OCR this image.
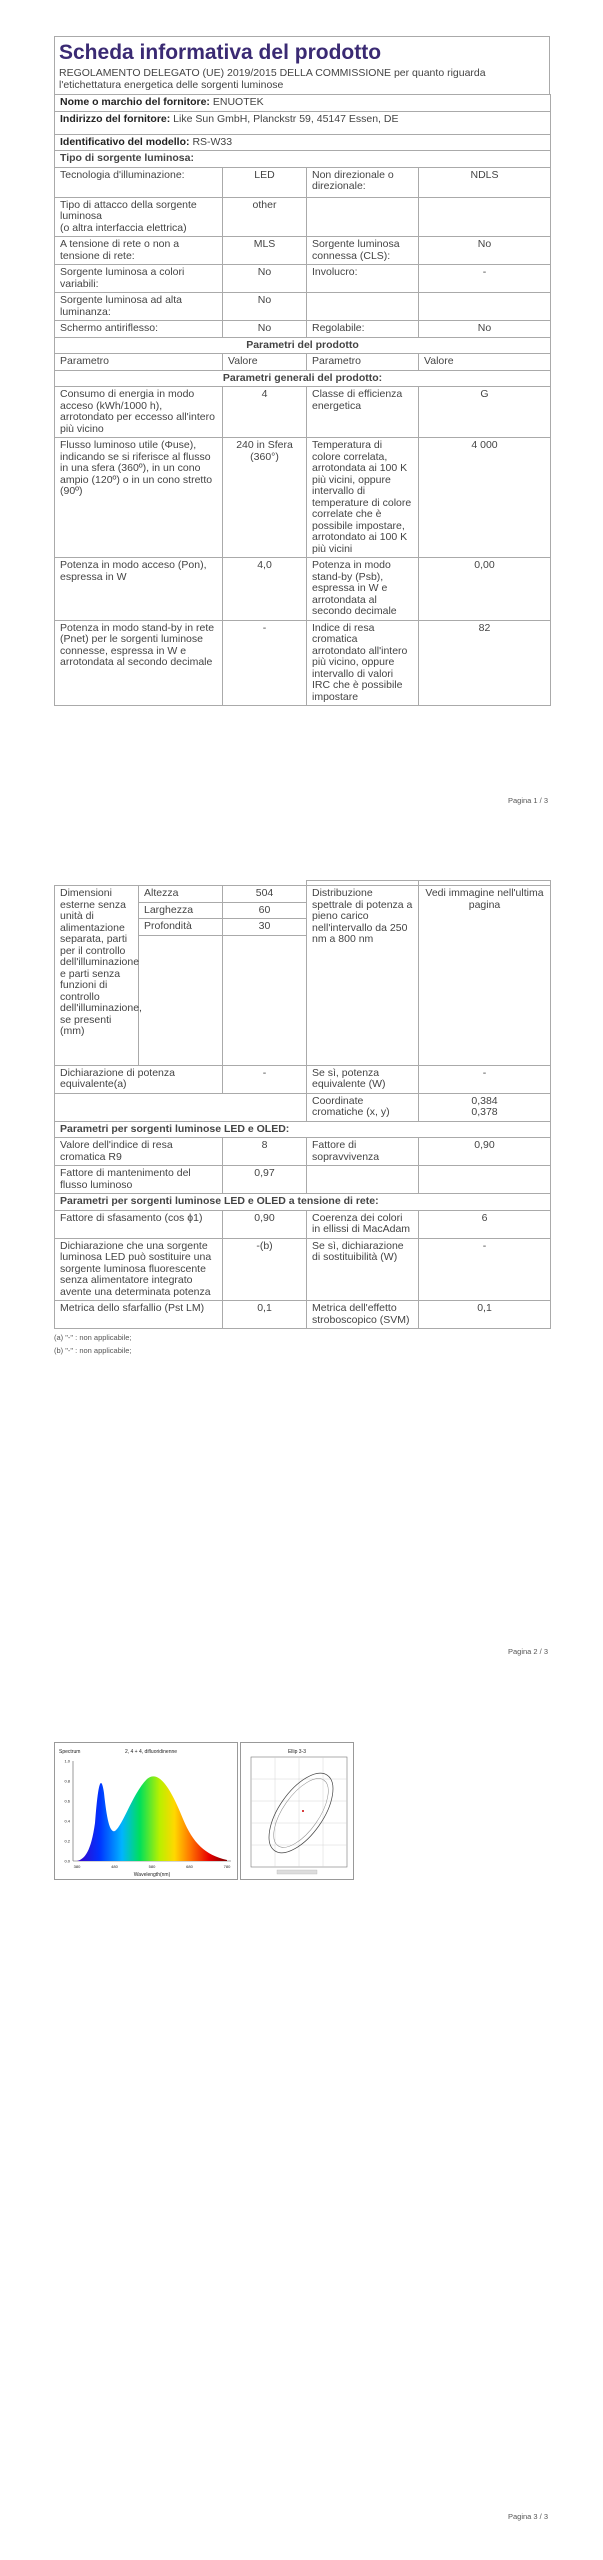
Scheda informativa del prodotto
REGOLAMENTO DELEGATO (UE) 2019/2015 DELLA COMMISSIONE per quanto riguarda l'etichettatura energetica delle sorgenti luminose
Nome o marchio del fornitore: ENUOTEK			
Indirizzo del fornitore: Like Sun GmbH, Planckstr 59, 45147 Essen, DE			
Identificativo del modello: RS-W33			
Tipo di sorgente luminosa:			
Tecnologia d'illuminazione:	LED	Non direzionale o direzionale:	NDLS
Tipo di attacco della sorgente luminosa
(o altra interfaccia elettrica)	other		
A tensione di rete o non a tensione di rete:	MLS	Sorgente luminosa connessa (CLS):	No
Sorgente luminosa a colori variabili:	No	Involucro:	-
Sorgente luminosa ad alta luminanza:	No		
Schermo antiriflesso:	No	Regolabile:	No
Parametri del prodotto			
Parametro	Valore	Parametro	Valore
Parametri generali del prodotto:			
Consumo di energia in modo acceso (kWh/1000 h), arrotondato per eccesso all'intero più vicino	4	Classe di efficienza energetica	G
Flusso luminoso utile (Φuse), indicando se si riferisce al flusso in una sfera (360º), in un cono ampio (120º) o in un cono stretto (90º)	240 in Sfera (360°)	Temperatura di colore correlata, arrotondata ai 100 K più vicini, oppure intervallo di temperature di colore correlate che è possibile impostare, arrotondato ai 100 K più vicini	4 000
Potenza in modo acceso (Pon), espressa in W	4,0	Potenza in modo stand-by (Psb), espressa in W e arrotondata al secondo decimale	0,00
Potenza in modo stand-by in rete (Pnet) per le sorgenti luminose connesse, espressa in W e arrotondata al secondo decimale	-	Indice di resa cromatica arrotondato all'intero più vicino, oppure intervallo di valori IRC che è possibile impostare	82
Pagina 1 / 3

Dimensioni esterne senza unità di alimentazione separata, parti per il controllo dell'illuminazione e parti senza funzioni di controllo dell'illuminazione, se presenti (mm)	Altezza	504	Distribuzione spettrale di potenza a pieno carico nell'intervallo da 250 nm a 800 nm	Vedi immagine nell'ultima pagina
	Larghezza	60		
	Profondità	30		

Dichiarazione di potenza equivalente(a)		-	Se sì, potenza equivalente (W)	-
			Coordinate cromatiche (x, y)	0,384
0,378
Parametri per sorgenti luminose LED e OLED:				
Valore dell'indice di resa cromatica R9		8	Fattore di sopravvivenza	0,90
Fattore di mantenimento del flusso luminoso		0,97		
Parametri per sorgenti luminose LED e OLED a tensione di rete:				
Fattore di sfasamento (cos ϕ1)		0,90	Coerenza dei colori in ellissi di MacAdam	6
Dichiarazione che una sorgente luminosa LED può sostituire una sorgente luminosa fluorescente senza alimentatore integrato avente una determinata potenza		-(b)	Se sì, dichiarazione di sostituibilità (W)	-
Metrica dello sfarfallio (Pst LM)		0,1	Metrica dell'effetto stroboscopico (SVM)	0,1
(a) "-" : non applicabile;
(b) "-" : non applicabile;
Pagina 2 / 3
Spectrum	2, 4 + 4, difluoridinenne
1.0
0.8
0.6
0.4
0.2
0.0
380	480	580	680	780
Wavelength(nm)
Ellip 3-3
Pagina 3 / 3
